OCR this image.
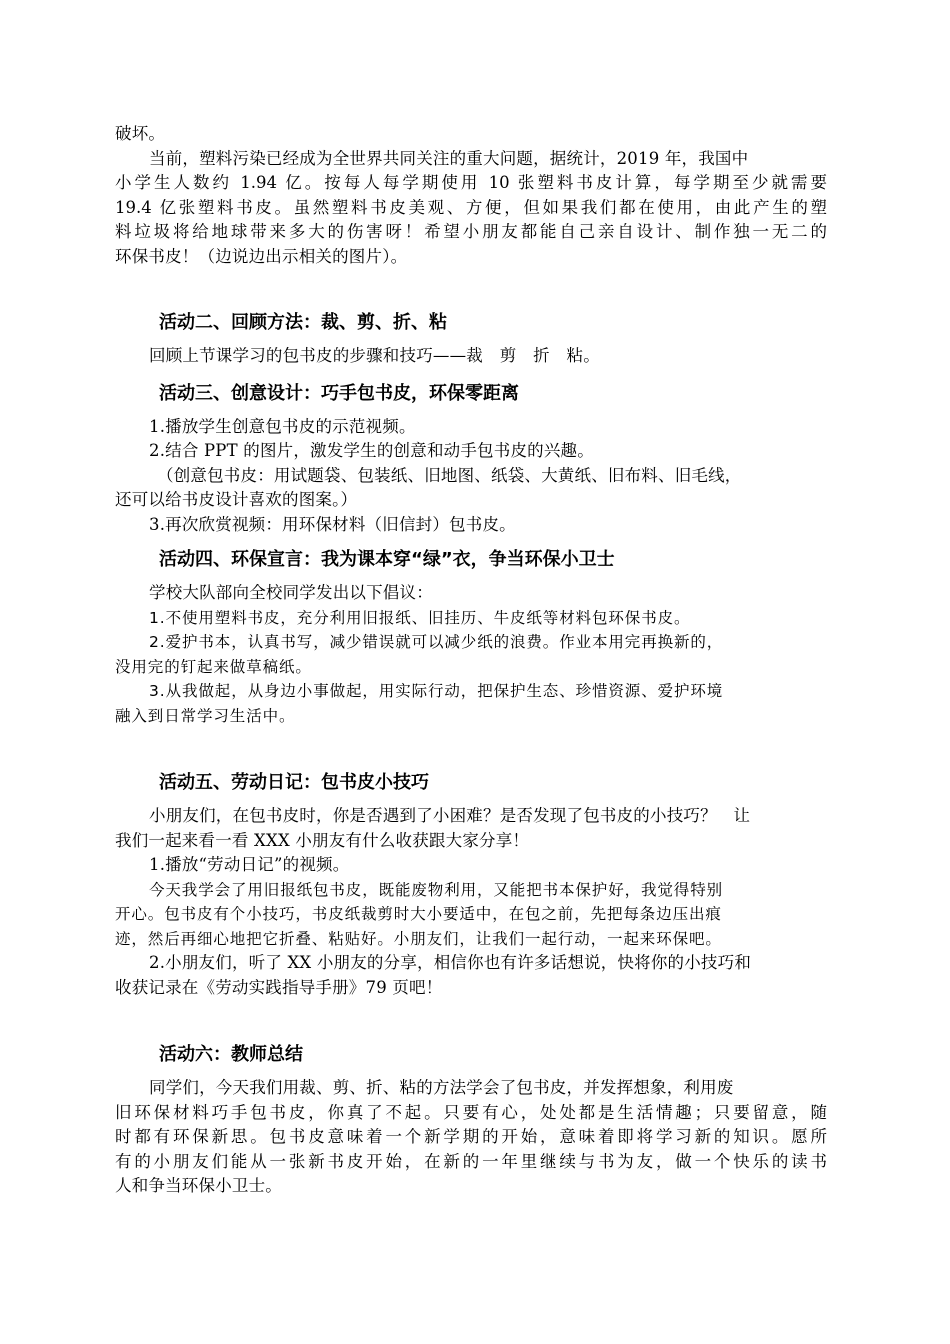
破坏。
当前，塑料污染已经成为全世界共同关注的重大问题，据统计，2019 年，我国中
小学生人数约 1.94 亿。按每人每学期使用 10 张塑料书皮计算，每学期至少就需要
19.4 亿张塑料书皮。虽然塑料书皮美观、方便，但如果我们都在使用，由此产生的塑
料垃圾将给地球带来多大的伤害呀！希望小朋友都能自己亲自设计、制作独一无二的
环保书皮！（边说边出示相关的图片）。
活动二、回顾方法：裁、剪、折、粘
回顾上节课学习的包书皮的步骤和技巧——裁　剪　折　粘。
活动三、创意设计：巧手包书皮，环保零距离
1.播放学生创意包书皮的示范视频。
2.结合 PPT 的图片，激发学生的创意和动手包书皮的兴趣。
（创意包书皮：用试题袋、包装纸、旧地图、纸袋、大黄纸、旧布料、旧毛线，
还可以给书皮设计喜欢的图案。）
3.再次欣赏视频：用环保材料（旧信封）包书皮。
活动四、环保宣言：我为课本穿“绿”衣，争当环保小卫士
学校大队部向全校同学发出以下倡议：
1.不使用塑料书皮，充分利用旧报纸、旧挂历、牛皮纸等材料包环保书皮。
2.爱护书本，认真书写，减少错误就可以减少纸的浪费。作业本用完再换新的，
没用完的钉起来做草稿纸。
3.从我做起，从身边小事做起，用实际行动，把保护生态、珍惜资源、爱护环境
融入到日常学习生活中。
活动五、劳动日记：包书皮小技巧
小朋友们，在包书皮时，你是否遇到了小困难？是否发现了包书皮的小技巧？　让
我们一起来看一看 XXX 小朋友有什么收获跟大家分享！
1.播放“劳动日记”的视频。
今天我学会了用旧报纸包书皮，既能废物利用，又能把书本保护好，我觉得特别
开心。包书皮有个小技巧，书皮纸裁剪时大小要适中，在包之前，先把每条边压出痕
迹，然后再细心地把它折叠、粘贴好。小朋友们，让我们一起行动，一起来环保吧。
2.小朋友们，听了 XX 小朋友的分享，相信你也有许多话想说，快将你的小技巧和
收获记录在《劳动实践指导手册》79 页吧！
活动六：教师总结
同学们，今天我们用裁、剪、折、粘的方法学会了包书皮，并发挥想象，利用废
旧环保材料巧手包书皮，你真了不起。只要有心，处处都是生活情趣；只要留意，随
时都有环保新思。包书皮意味着一个新学期的开始，意味着即将学习新的知识。愿所
有的小朋友们能从一张新书皮开始，在新的一年里继续与书为友，做一个快乐的读书
人和争当环保小卫士。
